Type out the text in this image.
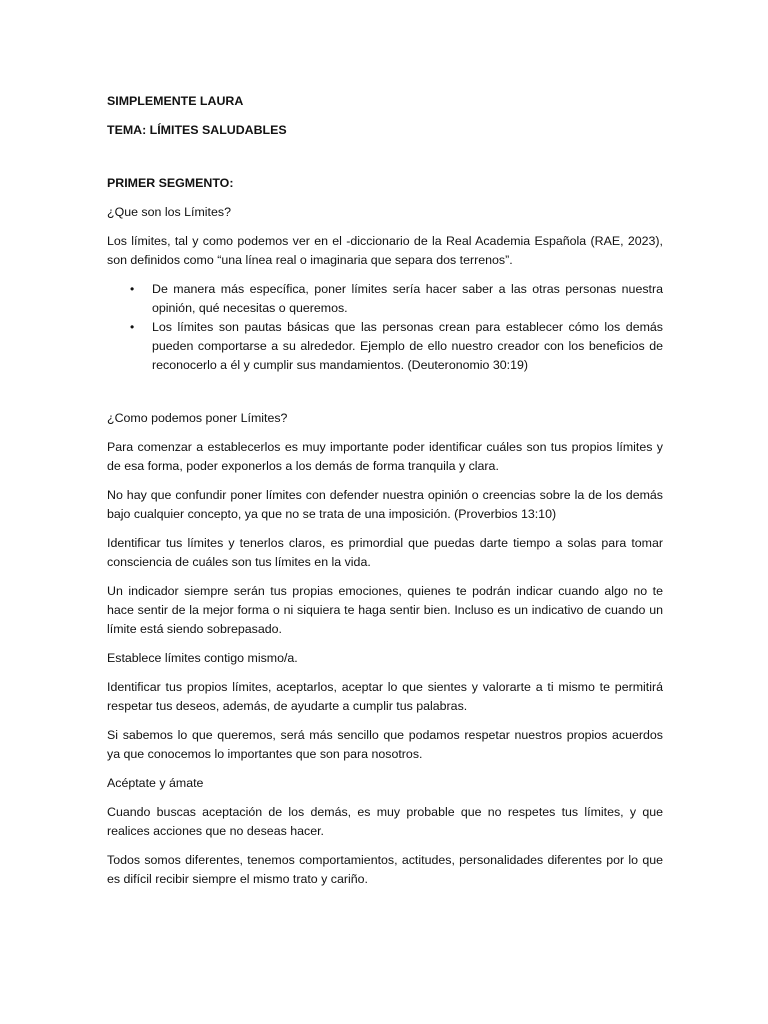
SIMPLEMENTE LAURA

TEMA: LÍMITES SALUDABLES

PRIMER SEGMENTO:

¿Que son los Límites?

Los límites, tal y como podemos ver en el -diccionario de la Real Academia Española (RAE, 2023), son definidos como “una línea real o imaginaria que separa dos terrenos”.

• De manera más específica, poner límites sería hacer saber a las otras personas nuestra opinión, qué necesitas o queremos.
• Los límites son pautas básicas que las personas crean para establecer cómo los demás pueden comportarse a su alrededor. Ejemplo de ello nuestro creador con los beneficios de reconocerlo a él y cumplir sus mandamientos. (Deuteronomio 30:19)

¿Como podemos poner Límites?

Para comenzar a establecerlos es muy importante poder identificar cuáles son tus propios límites y de esa forma, poder exponerlos a los demás de forma tranquila y clara.

No hay que confundir poner límites con defender nuestra opinión o creencias sobre la de los demás bajo cualquier concepto, ya que no se trata de una imposición. (Proverbios 13:10)

Identificar tus límites y tenerlos claros, es primordial que puedas darte tiempo a solas para tomar consciencia de cuáles son tus límites en la vida.

Un indicador siempre serán tus propias emociones, quienes te podrán indicar cuando algo no te hace sentir de la mejor forma o ni siquiera te haga sentir bien. Incluso es un indicativo de cuando un límite está siendo sobrepasado.

Establece límites contigo mismo/a.

Identificar tus propios límites, aceptarlos, aceptar lo que sientes y valorarte a ti mismo te permitirá respetar tus deseos, además, de ayudarte a cumplir tus palabras.

Si sabemos lo que queremos, será más sencillo que podamos respetar nuestros propios acuerdos ya que conocemos lo importantes que son para nosotros.

Acéptate y ámate

Cuando buscas aceptación de los demás, es muy probable que no respetes tus límites, y que realices acciones que no deseas hacer.

Todos somos diferentes, tenemos comportamientos, actitudes, personalidades diferentes por lo que es difícil recibir siempre el mismo trato y cariño.
